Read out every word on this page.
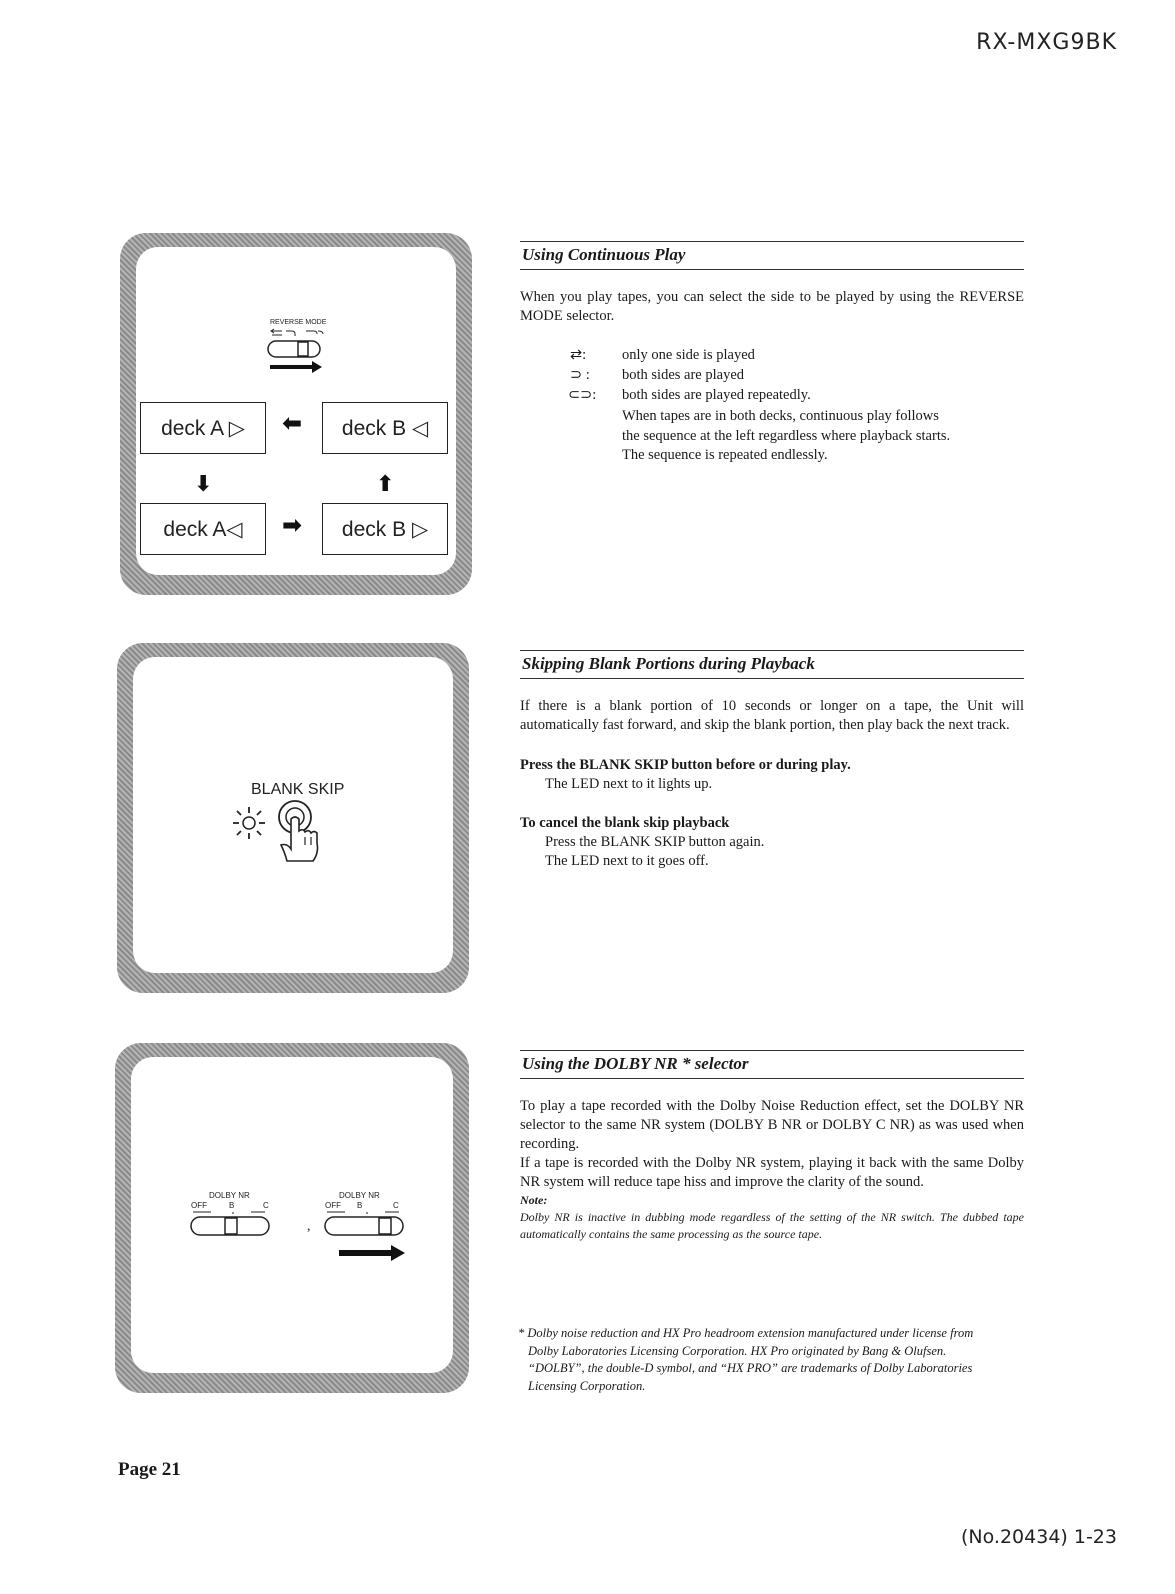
RX-MXG9BK
REVERSE MODE
deck A ▷	⬅	deck B ◁
⬇	⬆
deck A◁	➡	deck B ▷
BLANK SKIP
DOLBY NR
OFF	B	C
,
DOLBY NR
OFF B	C
Using Continuous Play

When you play tapes, you can select the side to be played by using the REVERSE MODE selector.

⇄: only one side is played
⊃ : both sides are played
⊂⊃: both sides are played repeatedly.
When tapes are in both decks, continuous play follows
the sequence at the left regardless where playback starts.
The sequence is repeated endlessly.
Skipping Blank Portions during Playback

If there is a blank portion of 10 seconds or longer on a tape, the Unit will automatically fast forward, and skip the blank portion, then play back the next track.

Press the BLANK SKIP button before or during play.

The LED next to it lights up.

To cancel the blank skip playback

Press the BLANK SKIP button again.

The LED next to it goes off.

Using the DOLBY NR * selector

To play a tape recorded with the Dolby Noise Reduction effect, set the DOLBY NR selector to the same NR system (DOLBY B NR or DOLBY C NR) as was used when recording.

If a tape is recorded with the Dolby NR system, playing it back with the same Dolby NR system will reduce tape hiss and improve the clarity of the sound.

Note:

Dolby NR is inactive in dubbing mode regardless of the setting of the NR switch. The dubbed tape automatically contains the same processing as the source tape.

* Dolby noise reduction and HX Pro headroom extension manufactured under license from
Dolby Laboratories Licensing Corporation. HX Pro originated by Bang & Olufsen.
“DOLBY”, the double-D symbol, and “HX PRO” are trademarks of Dolby Laboratories
Licensing Corporation.
Page 21
(No.20434) 1-23
